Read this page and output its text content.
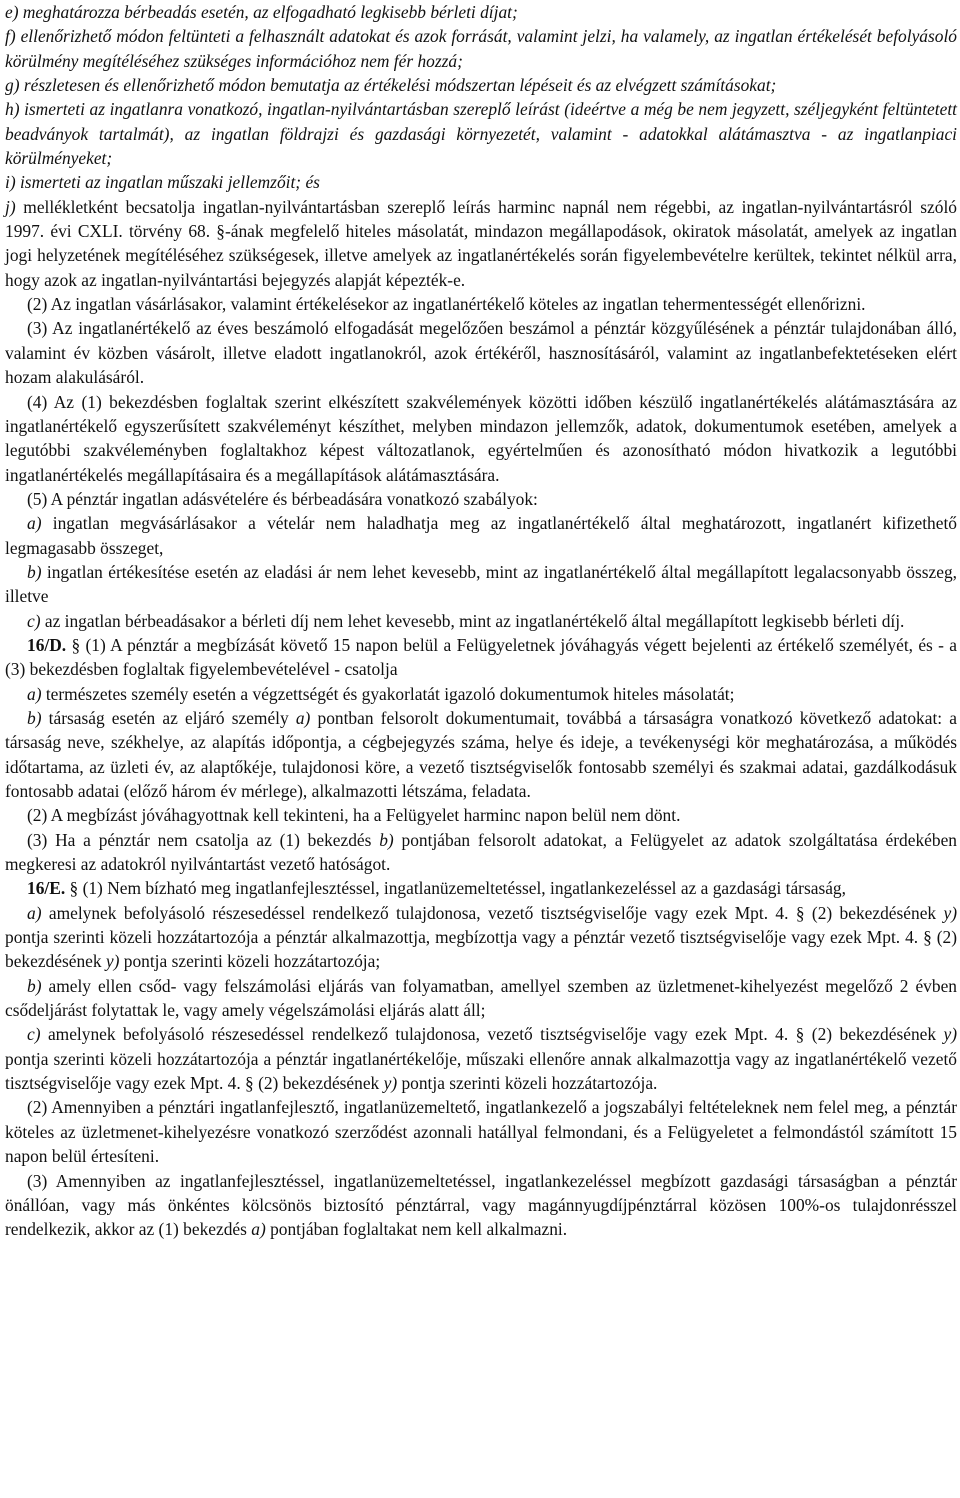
e) meghatározza bérbeadás esetén, az elfogadható legkisebb bérleti díjat;

f) ellenőrizhető módon feltünteti a felhasznált adatokat és azok forrását, valamint jelzi, ha valamely, az ingatlan értékelését befolyásoló körülmény megítéléséhez szükséges információhoz nem fér hozzá;

g) részletesen és ellenőrizhető módon bemutatja az értékelési módszertan lépéseit és az elvégzett számításokat;

h) ismerteti az ingatlanra vonatkozó, ingatlan-nyilvántartásban szereplő leírást (ideértve a még be nem jegyzett, széljegyként feltüntetett beadványok tartalmát), az ingatlan földrajzi és gazdasági környezetét, valamint - adatokkal alátámasztva - az ingatlanpiaci körülményeket;

i) ismerteti az ingatlan műszaki jellemzőit; és

j) mellékletként becsatolja ingatlan-nyilvántartásban szereplő leírás harminc napnál nem régebbi, az ingatlan-nyilvántartásról szóló 1997. évi CXLI. törvény 68. §-ának megfelelő hiteles másolatát, mindazon megállapodások, okiratok másolatát, amelyek az ingatlan jogi helyzetének megítéléséhez szükségesek, illetve amelyek az ingatlanértékelés során figyelembevételre kerültek, tekintet nélkül arra, hogy azok az ingatlan-nyilvántartási bejegyzés alapját képezték-e.

(2) Az ingatlan vásárlásakor, valamint értékelésekor az ingatlanértékelő köteles az ingatlan tehermentességét ellenőrizni.

(3) Az ingatlanértékelő az éves beszámoló elfogadását megelőzően beszámol a pénztár közgyűlésének a pénztár tulajdonában álló, valamint év közben vásárolt, illetve eladott ingatlanokról, azok értékéről, hasznosításáról, valamint az ingatlanbefektetéseken elért hozam alakulásáról.

(4) Az (1) bekezdésben foglaltak szerint elkészített szakvélemények közötti időben készülő ingatlanértékelés alátámasztására az ingatlanértékelő egyszerűsített szakvéleményt készíthet, melyben mindazon jellemzők, adatok, dokumentumok esetében, amelyek a legutóbbi szakvéleményben foglaltakhoz képest változatlanok, egyértelműen és azonosítható módon hivatkozik a legutóbbi ingatlanértékelés megállapításaira és a megállapítások alátámasztására.

(5) A pénztár ingatlan adásvételére és bérbeadására vonatkozó szabályok:

a) ingatlan megvásárlásakor a vételár nem haladhatja meg az ingatlanértékelő által meghatározott, ingatlanért kifizethető legmagasabb összeget,

b) ingatlan értékesítése esetén az eladási ár nem lehet kevesebb, mint az ingatlanértékelő által megállapított legalacsonyabb összeg, illetve

c) az ingatlan bérbeadásakor a bérleti díj nem lehet kevesebb, mint az ingatlanértékelő által megállapított legkisebb bérleti díj.

16/D. § (1) A pénztár a megbízását követő 15 napon belül a Felügyeletnek jóváhagyás végett bejelenti az értékelő személyét, és - a (3) bekezdésben foglaltak figyelembevételével - csatolja

a) természetes személy esetén a végzettségét és gyakorlatát igazoló dokumentumok hiteles másolatát;

b) társaság esetén az eljáró személy a) pontban felsorolt dokumentumait, továbbá a társaságra vonatkozó következő adatokat: a társaság neve, székhelye, az alapítás időpontja, a cégbejegyzés száma, helye és ideje, a tevékenységi kör meghatározása, a működés időtartama, az üzleti év, az alaptőkéje, tulajdonosi köre, a vezető tisztségviselők fontosabb személyi és szakmai adatai, gazdálkodásuk fontosabb adatai (előző három év mérlege), alkalmazotti létszáma, feladata.

(2) A megbízást jóváhagyottnak kell tekinteni, ha a Felügyelet harminc napon belül nem dönt.

(3) Ha a pénztár nem csatolja az (1) bekezdés b) pontjában felsorolt adatokat, a Felügyelet az adatok szolgáltatása érdekében megkeresi az adatokról nyilvántartást vezető hatóságot.

16/E. § (1) Nem bízható meg ingatlanfejlesztéssel, ingatlanüzemeltetéssel, ingatlankezeléssel az a gazdasági társaság,

a) amelynek befolyásoló részesedéssel rendelkező tulajdonosa, vezető tisztségviselője vagy ezek Mpt. 4. § (2) bekezdésének y) pontja szerinti közeli hozzátartozója a pénztár alkalmazottja, megbízottja vagy a pénztár vezető tisztségviselője vagy ezek Mpt. 4. § (2) bekezdésének y) pontja szerinti közeli hozzátartozója;

b) amely ellen csőd- vagy felszámolási eljárás van folyamatban, amellyel szemben az üzletmenet-kihelyezést megelőző 2 évben csődeljárást folytattak le, vagy amely végelszámolási eljárás alatt áll;

c) amelynek befolyásoló részesedéssel rendelkező tulajdonosa, vezető tisztségviselője vagy ezek Mpt. 4. § (2) bekezdésének y) pontja szerinti közeli hozzátartozója a pénztár ingatlanértékelője, műszaki ellenőre annak alkalmazottja vagy az ingatlanértékelő vezető tisztségviselője vagy ezek Mpt. 4. § (2) bekezdésének y) pontja szerinti közeli hozzátartozója.

(2) Amennyiben a pénztári ingatlanfejlesztő, ingatlanüzemeltető, ingatlankezelő a jogszabályi feltételeknek nem felel meg, a pénztár köteles az üzletmenet-kihelyezésre vonatkozó szerződést azonnali hatállyal felmondani, és a Felügyeletet a felmondástól számított 15 napon belül értesíteni.

(3) Amennyiben az ingatlanfejlesztéssel, ingatlanüzemeltetéssel, ingatlankezeléssel megbízott gazdasági társaságban a pénztár önállóan, vagy más önkéntes kölcsönös biztosító pénztárral, vagy magánnyugdíjpénztárral közösen 100%-os tulajdonrésszel rendelkezik, akkor az (1) bekezdés a) pontjában foglaltakat nem kell alkalmazni.
